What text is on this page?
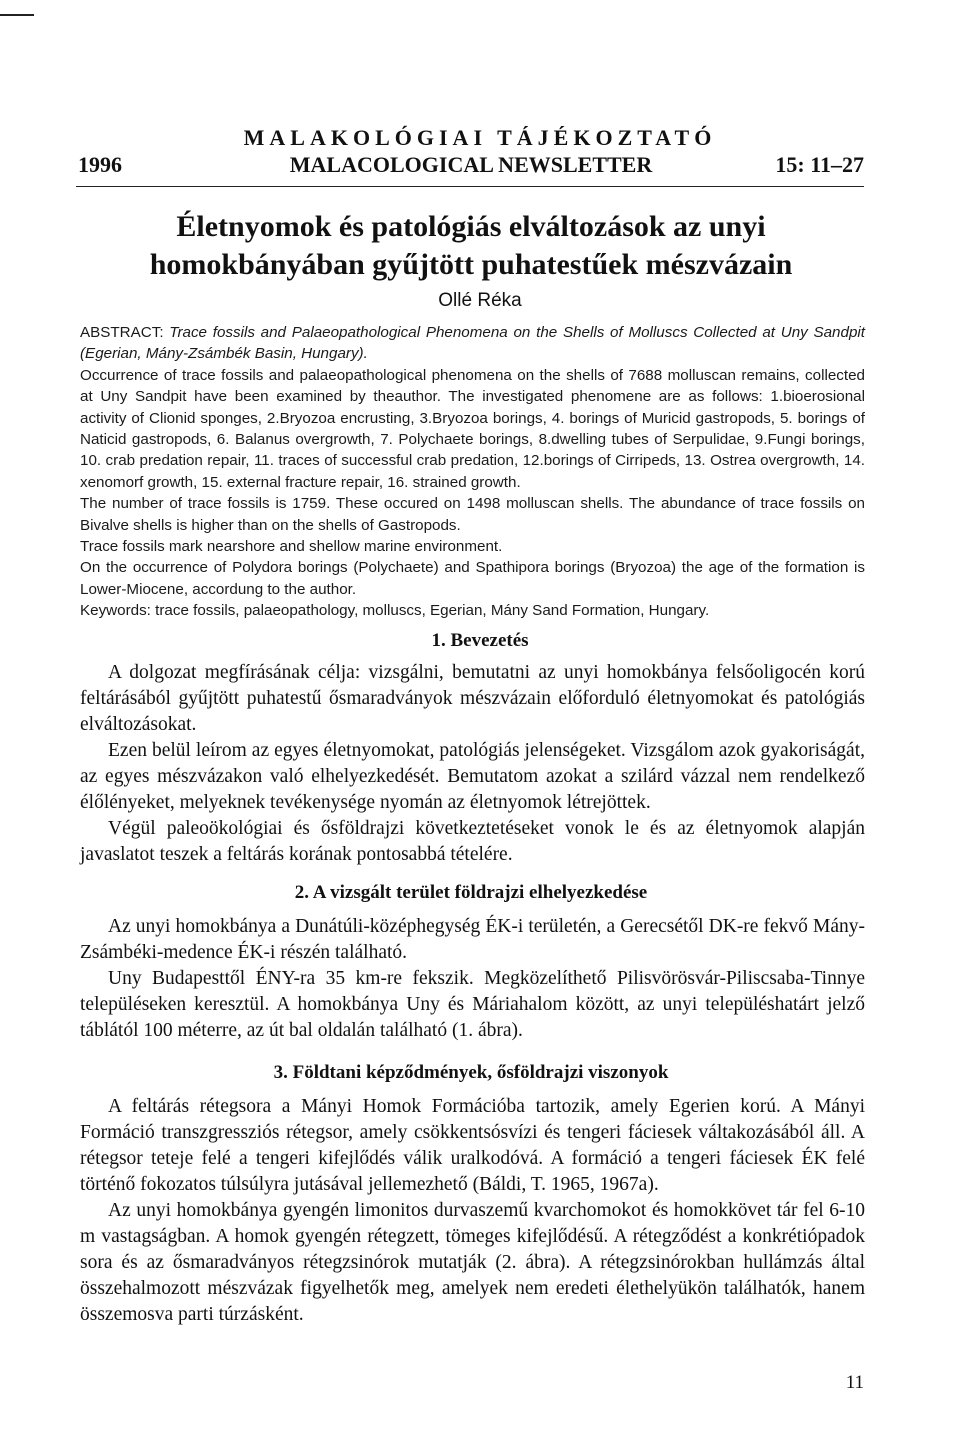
MALAKOLÓGIAI TÁJÉKOZTATÓ
1996	MALACOLOGICAL NEWSLETTER	15: 11–27
Életnyomok és patológiás elváltozások az unyi homokbányában gyűjtött puhatestűek mészvázain
Ollé Réka

ABSTRACT: Trace fossils and Palaeopathological Phenomena on the Shells of Molluscs Collected at Uny Sandpit (Egerian, Mány-Zsámbék Basin, Hungary).

Occurrence of trace fossils and palaeopathological phenomena on the shells of 7688 molluscan remains, collected at Uny Sandpit have been examined by theauthor. The investigated phenomene are as follows: 1.bioerosional activity of Clionid sponges, 2.Bryozoa encrusting, 3.Bryozoa borings, 4. borings of Muricid gastropods, 5. borings of Naticid gastropods, 6. Balanus overgrowth, 7. Polychaete borings, 8.dwelling tubes of Serpulidae, 9.Fungi borings, 10. crab predation repair, 11. traces of successful crab predation, 12.borings of Cirripeds, 13. Ostrea overgrowth, 14. xenomorf growth, 15. external fracture repair, 16. strained growth.

The number of trace fossils is 1759. These occured on 1498 molluscan shells. The abundance of trace fossils on Bivalve shells is higher than on the shells of Gastropods.

Trace fossils mark nearshore and shellow marine environment.

On the occurrence of Polydora borings (Polychaete) and Spathipora borings (Bryozoa) the age of the formation is Lower-Miocene, accordung to the author.

Keywords: trace fossils, palaeopathology, molluscs, Egerian, Mány Sand Formation, Hungary.

1. Bevezetés

A dolgozat megfírásának célja: vizsgálni, bemutatni az unyi homokbánya felsőoligocén korú feltárásából gyűjtött puhatestű ősmaradványok mészvázain előforduló életnyomokat és patológiás elváltozásokat.

Ezen belül leírom az egyes életnyomokat, patológiás jelenségeket. Vizsgálom azok gyakoriságát, az egyes mészvázakon való elhelyezkedését. Bemutatom azokat a szilárd vázzal nem rendelkező élőlényeket, melyeknek tevékenysége nyomán az életnyomok létrejöttek.

Végül paleoökológiai és ősföldrajzi következtetéseket vonok le és az életnyomok alapján javaslatot teszek a feltárás korának pontosabbá tételére.

2. A vizsgált terület földrajzi elhelyezkedése

Az unyi homokbánya a Dunátúli-középhegység ÉK-i területén, a Gerecsétől DK-re fekvő Mány-Zsámbéki-medence ÉK-i részén található.

Uny Budapesttől ÉNY-ra 35 km-re fekszik. Megközelíthető Pilisvörösvár-Piliscsaba-Tinnye településeken keresztül. A homokbánya Uny és Máriahalom között, az unyi településhatárt jelző táblától 100 méterre, az út bal oldalán található (1. ábra).

3. Földtani képződmények, ősföldrajzi viszonyok

A feltárás rétegsora a Mányi Homok Formációba tartozik, amely Egerien korú. A Mányi Formáció transzgressziós rétegsor, amely csökkentsósvízi és tengeri fáciesek váltakozásából áll. A rétegsor teteje felé a tengeri kifejlődés válik uralkodóvá. A formáció a tengeri fáciesek ÉK felé történő fokozatos túlsúlyra jutásával jellemezhető (Báldi, T. 1965, 1967a).

Az unyi homokbánya gyengén limonitos durvaszemű kvarchomokot és homokkövet tár fel 6-10 m vastagságban. A homok gyengén rétegzett, tömeges kifejlődésű. A rétegződést a konkrétiópadok sora és az ősmaradványos rétegzsinórok mutatják (2. ábra). A rétegzsinórokban hullámzás által összehalmozott mészvázak figyelhetők meg, amelyek nem eredeti élethelyükön találhatók, hanem összemosva parti túrzásként.

11
